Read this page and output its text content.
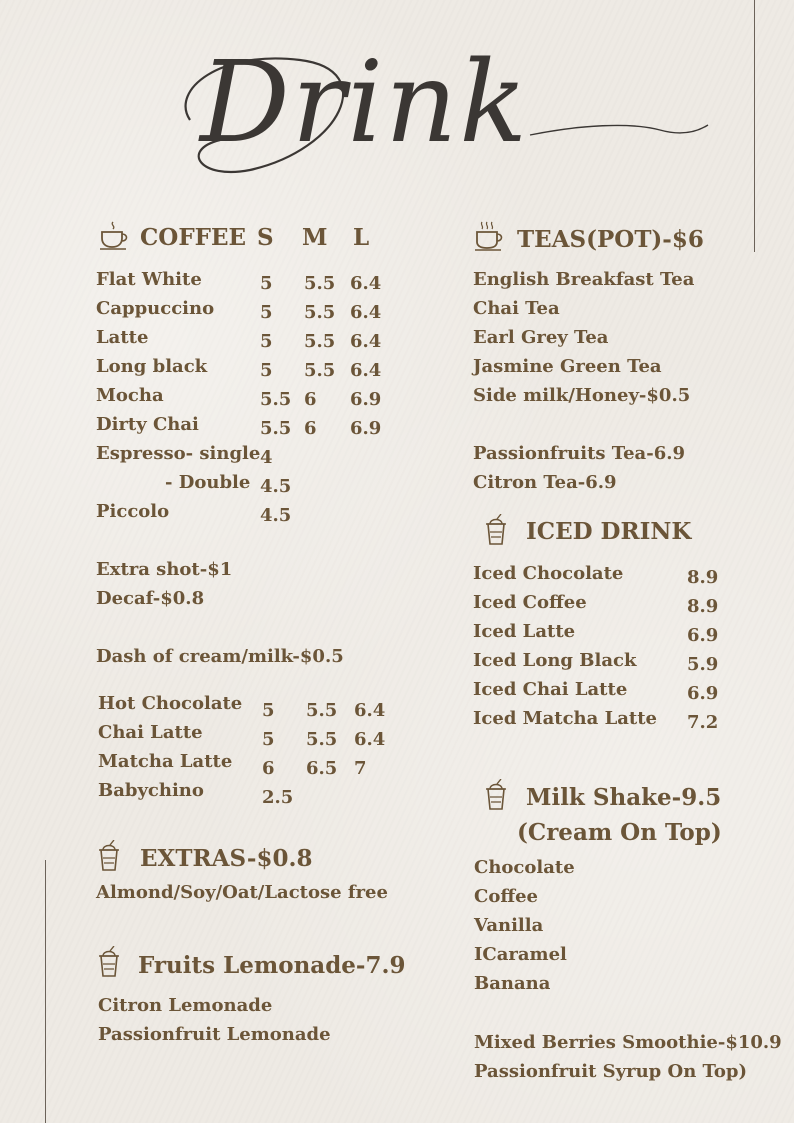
Drink
COFFEE S M L
Flat White	5 5.5 6.4
Cappuccino	5 5.5 6.4
Latte	5 5.5 6.4
Long black	5 5.5 6.4
Mocha	5.5 6 6.9
Dirty Chai	5.5 6 6.9
Espresso- single 4
- Double 4.5
Piccolo	4.5
Extra shot-$1
Decaf-$0.8
Dash of cream/milk-$0.5
Hot Chocolate 5 5.5 6.4
Chai Latte	5 5.5 6.4
Matcha Latte 6 6.5 7
Babychino	2.5
EXTRAS-$0.8
Almond/Soy/Oat/Lactose free
Fruits Lemonade-7.9
Citron Lemonade
Passionfruit Lemonade
TEAS(POT)-$6
English Breakfast Tea
Chai Tea
Earl Grey Tea
Jasmine Green Tea
Side milk/Honey-$0.5
Passionfruits Tea-6.9
Citron Tea-6.9
ICED DRINK
Iced Chocolate	8.9
Iced Coffee	8.9
Iced Latte	6.9
Iced Long Black	5.9
Iced Chai Latte	6.9
Iced Matcha Latte 7.2
Milk Shake-9.5
(Cream On Top)
Chocolate
Coffee
Vanilla
ICaramel
Banana
Mixed Berries Smoothie-$10.9
Passionfruit Syrup On Top)
